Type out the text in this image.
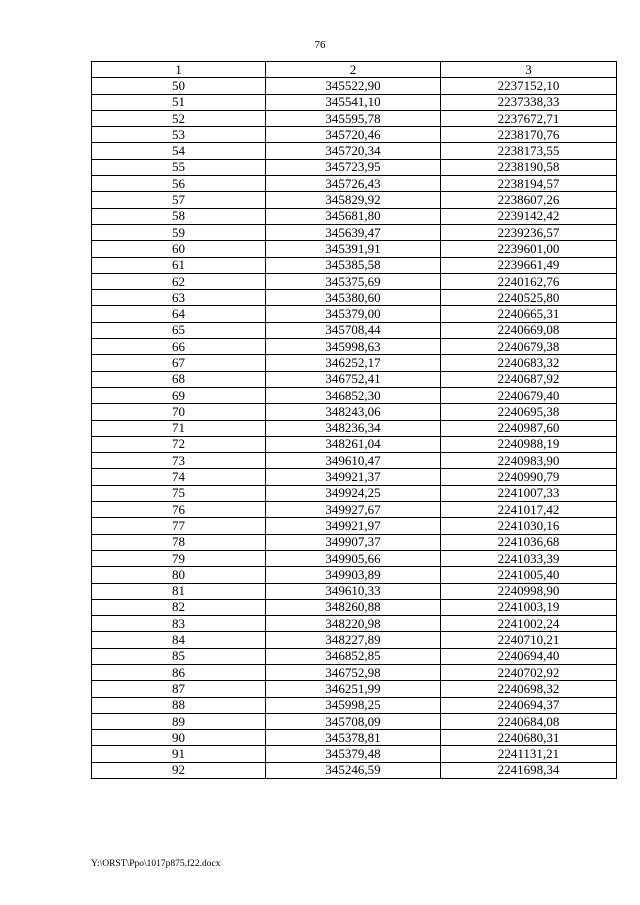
76
1	2	3
50	345522,90	2237152,10
51	345541,10	2237338,33
52	345595,78	2237672,71
53	345720,46	2238170,76
54	345720,34	2238173,55
55	345723,95	2238190,58
56	345726,43	2238194,57
57	345829,92	2238607,26
58	345681,80	2239142,42
59	345639,47	2239236,57
60	345391,91	2239601,00
61	345385,58	2239661,49
62	345375,69	2240162,76
63	345380,60	2240525,80
64	345379,00	2240665,31
65	345708,44	2240669,08
66	345998,63	2240679,38
67	346252,17	2240683,32
68	346752,41	2240687,92
69	346852,30	2240679,40
70	348243,06	2240695,38
71	348236,34	2240987,60
72	348261,04	2240988,19
73	349610,47	2240983,90
74	349921,37	2240990,79
75	349924,25	2241007,33
76	349927,67	2241017,42
77	349921,97	2241030,16
78	349907,37	2241036,68
79	349905,66	2241033,39
80	349903,89	2241005,40
81	349610,33	2240998,90
82	348260,88	2241003,19
83	348220,98	2241002,24
84	348227,89	2240710,21
85	346852,85	2240694,40
86	346752,98	2240702,92
87	346251,99	2240698,32
88	345998,25	2240694,37
89	345708,09	2240684,08
90	345378,81	2240680,31
91	345379,48	2241131,21
92	345246,59	2241698,34
Y:\ORST\Ppo\1017p875.f22.docx
